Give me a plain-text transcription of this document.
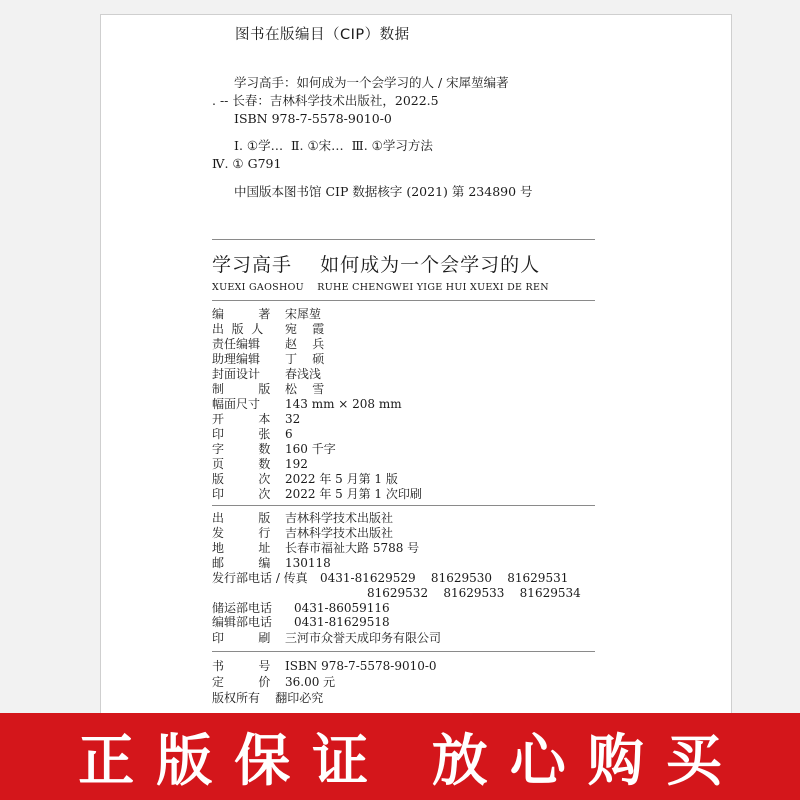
图书在版编目（CIP）数据
学习高手：如何成为一个会学习的人 / 宋犀堃编著
. -- 长春：吉林科学技术出版社，2022.5
ISBN 978-7-5578-9010-0
Ⅰ. ①学…  Ⅱ. ①宋…  Ⅲ. ①学习方法
Ⅳ. ① G791
中国版本图书馆 CIP 数据核字 (2021) 第 234890 号
学习高手    如何成为一个会学习的人
XUEXI GAOSHOU    RUHE CHENGWEI YIGE HUI XUEXI DE REN
编         著 宋犀堃
出  版  人 宛    霞
责任编辑 赵    兵
助理编辑 丁    硕
封面设计 春浅浅
制         版 松    雪
幅面尺寸 143 mm × 208 mm
开         本 32
印         张 6
字         数 160 千字
页         数 192
版         次 2022 年 5 月第 1 版
印         次 2022 年 5 月第 1 次印刷
出         版 吉林科学技术出版社
发         行 吉林科学技术出版社
地         址 长春市福祉大路 5788 号
邮         编 130118
发行部电话 / 传真 0431-81629529    81629530    81629531
81629532    81629533    81629534
储运部电话 0431-86059116
编辑部电话 0431-81629518
印         刷 三河市众誉天成印务有限公司
书         号 ISBN 978-7-5578-9010-0
定         价 36.00 元
版权所有    翻印必究
正版保证 放心购买
